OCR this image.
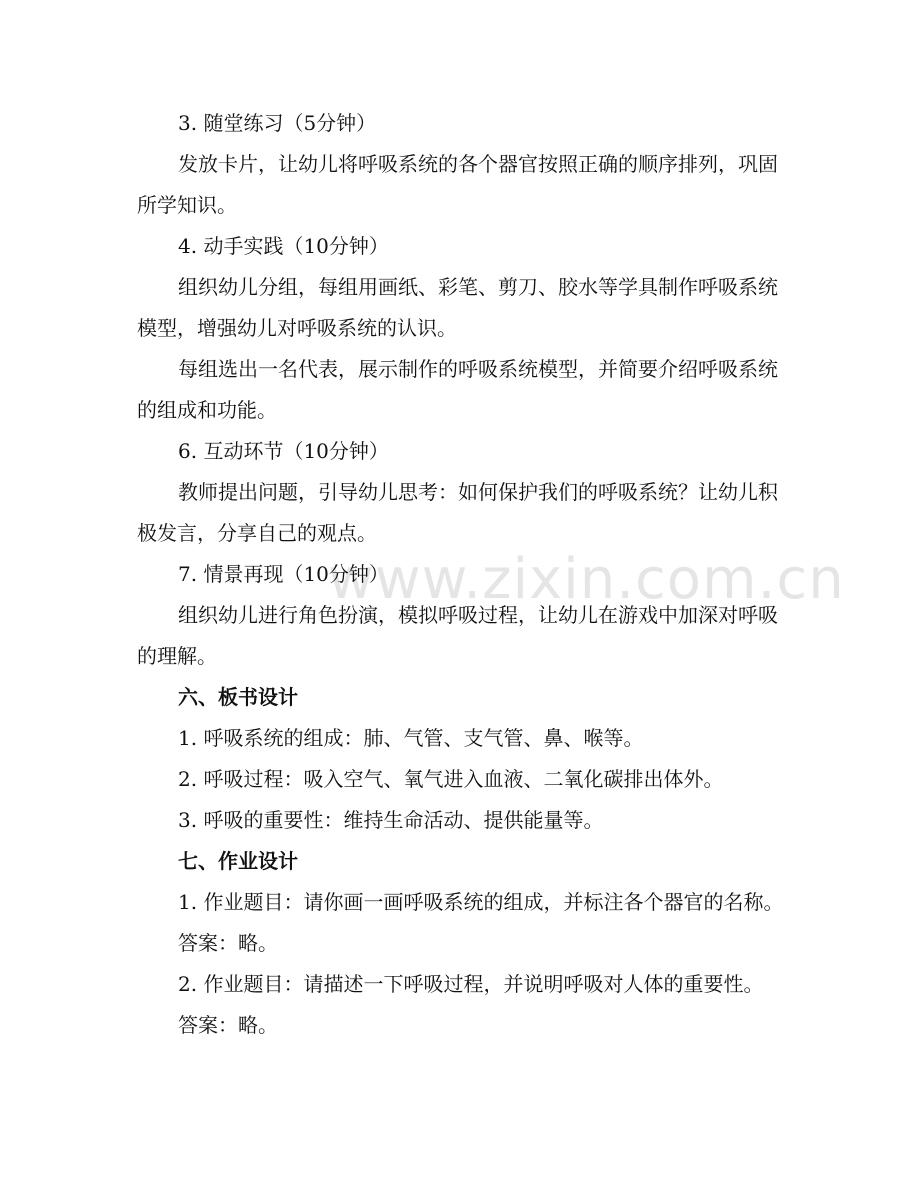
3. 随堂练习（5分钟）

发放卡片，让幼儿将呼吸系统的各个器官按照正确的顺序排列，巩固所学知识。

4. 动手实践（10分钟）

组织幼儿分组，每组用画纸、彩笔、剪刀、胶水等学具制作呼吸系统模型，增强幼儿对呼吸系统的认识。

每组选出一名代表，展示制作的呼吸系统模型，并简要介绍呼吸系统的组成和功能。

6. 互动环节（10分钟）

教师提出问题，引导幼儿思考：如何保护我们的呼吸系统？让幼儿积极发言，分享自己的观点。

7. 情景再现（10分钟）

组织幼儿进行角色扮演，模拟呼吸过程，让幼儿在游戏中加深对呼吸的理解。

六、板书设计

1. 呼吸系统的组成：肺、气管、支气管、鼻、喉等。

2. 呼吸过程：吸入空气、氧气进入血液、二氧化碳排出体外。

3. 呼吸的重要性：维持生命活动、提供能量等。

七、作业设计

1. 作业题目：请你画一画呼吸系统的组成，并标注各个器官的名称。

答案：略。

2. 作业题目：请描述一下呼吸过程，并说明呼吸对人体的重要性。

答案：略。

www.zixin.com.cn
